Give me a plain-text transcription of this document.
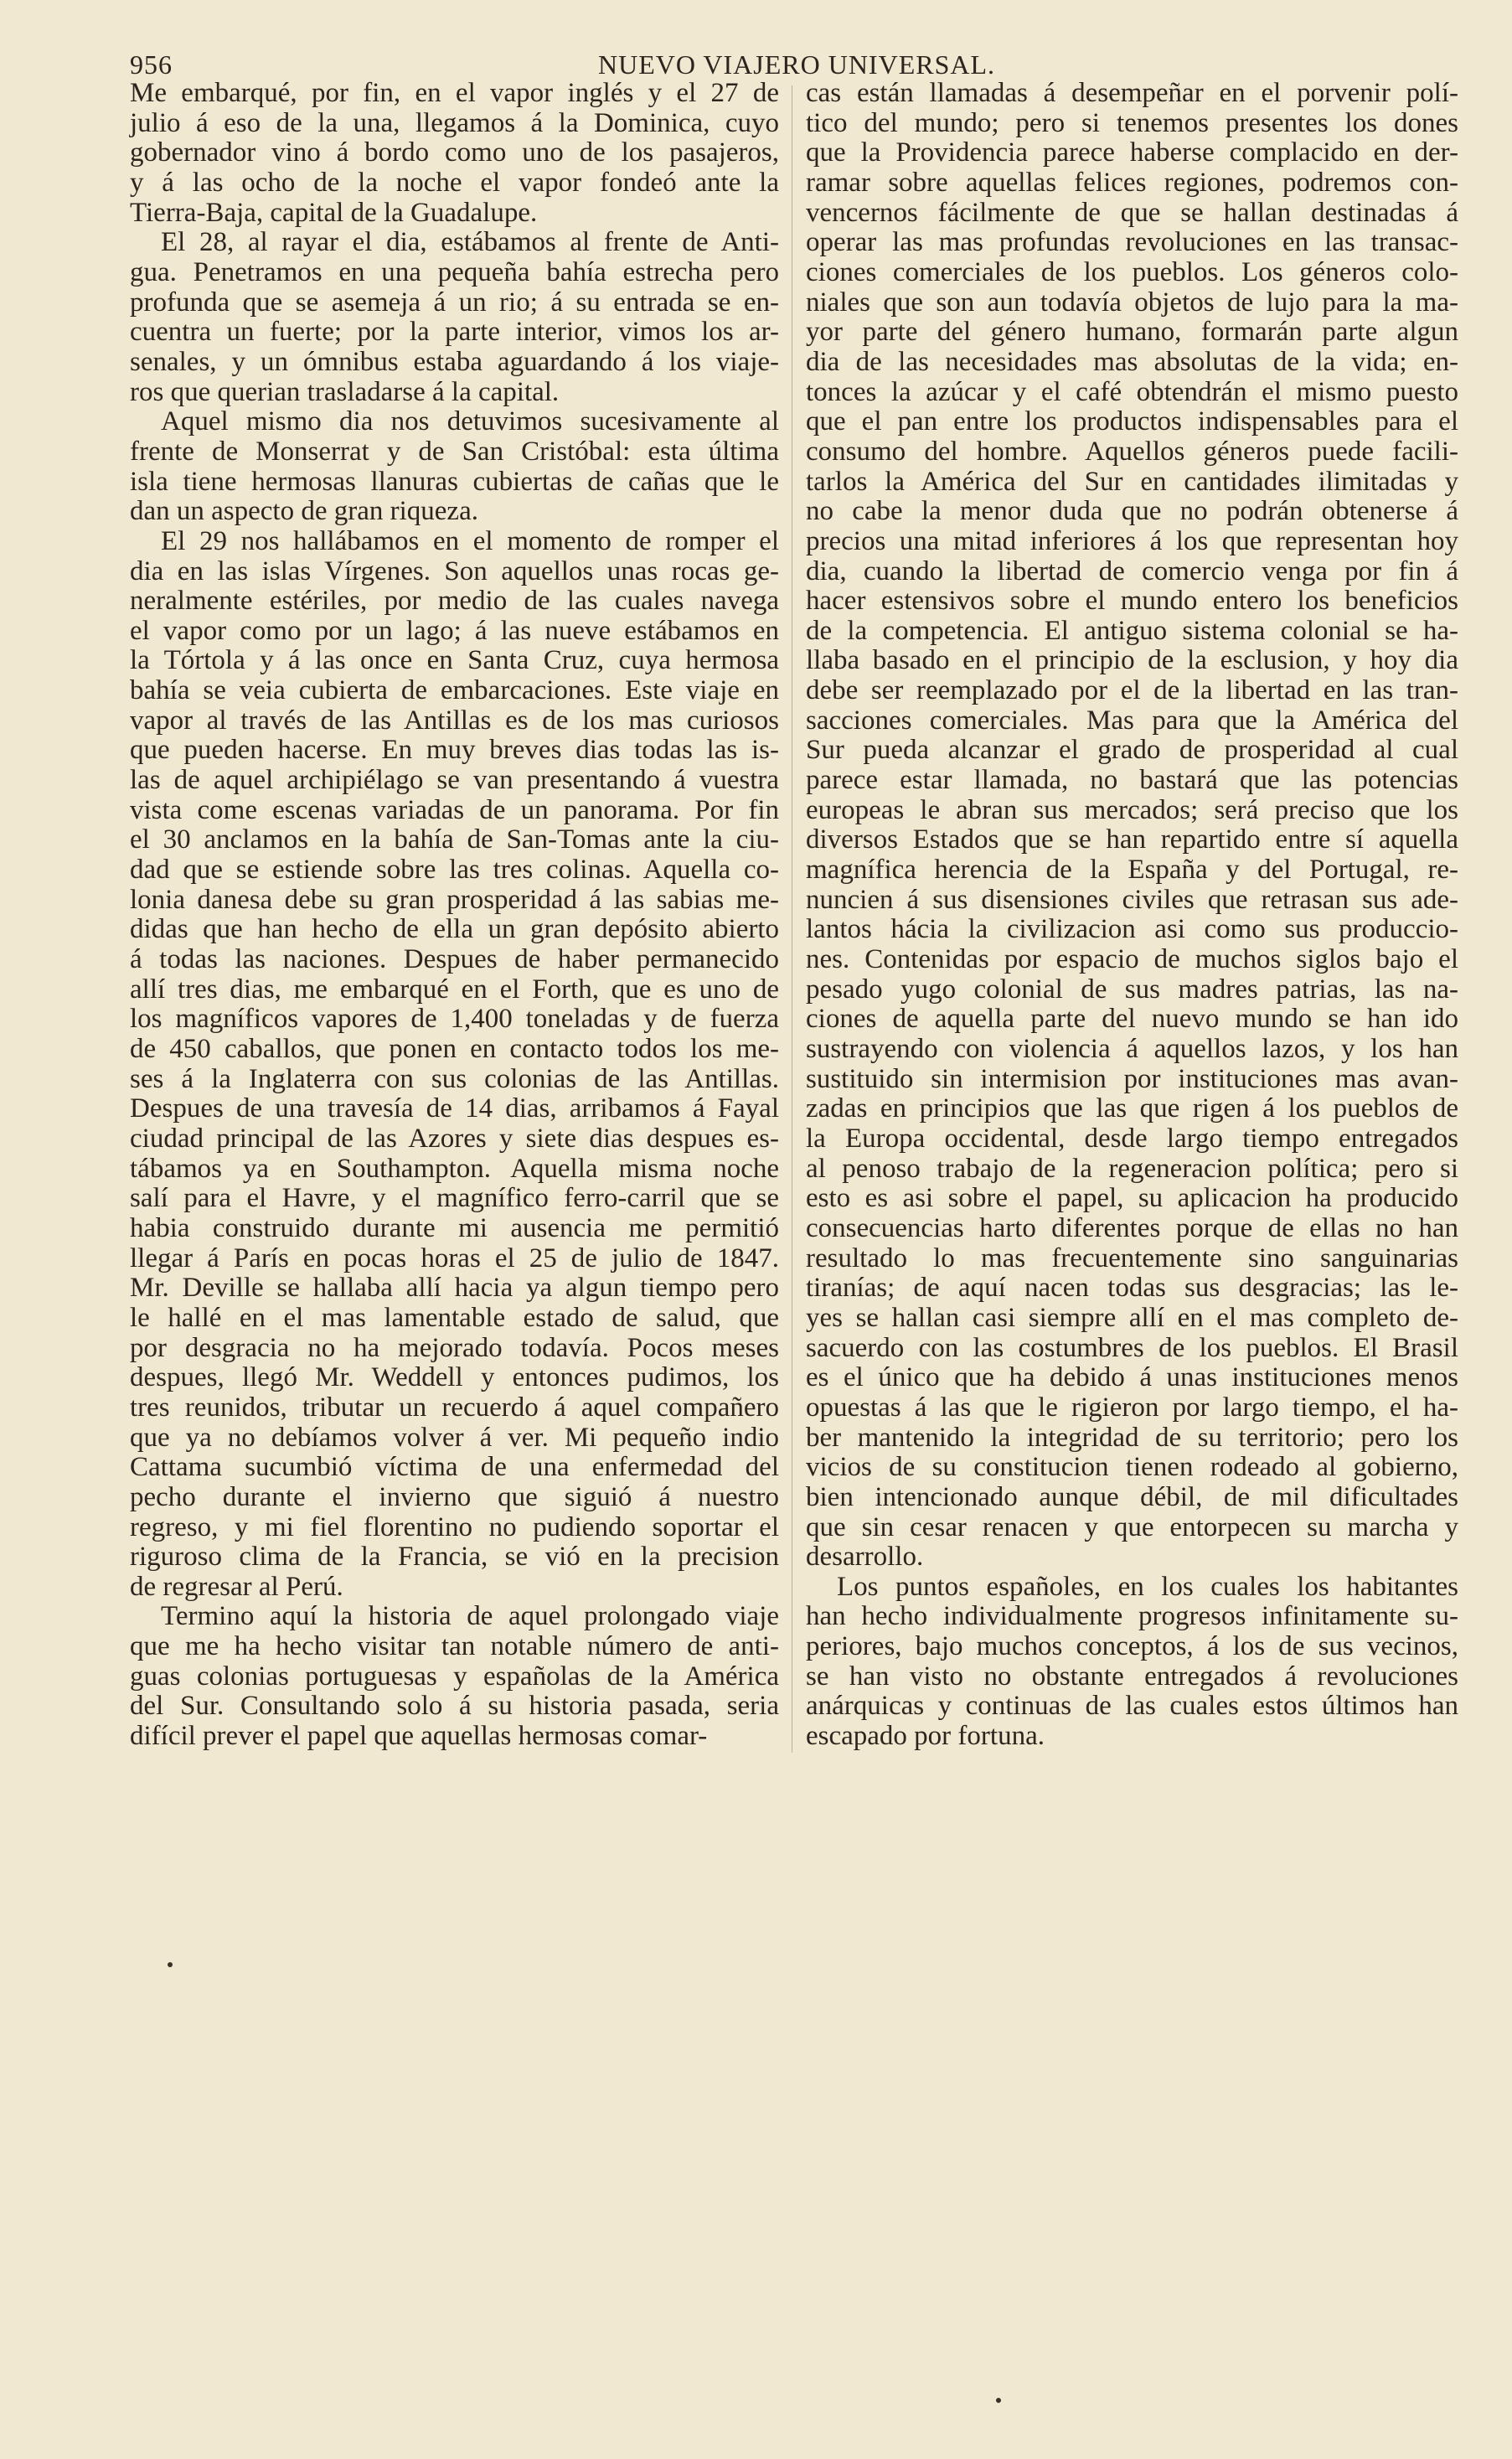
956	NUEVO VIAJERO UNIVERSAL.
Me embarqué, por fin, en el vapor inglés y el 27 de
julio á eso de la una, llegamos á la Dominica, cuyo
gobernador vino á bordo como uno de los pasajeros,
y á las ocho de la noche el vapor fondeó ante la
Tierra-Baja, capital de la Guadalupe.
El 28, al rayar el dia, estábamos al frente de Anti-
gua. Penetramos en una pequeña bahía estrecha pero
profunda que se asemeja á un rio; á su entrada se en-
cuentra un fuerte; por la parte interior, vimos los ar-
senales, y un ómnibus estaba aguardando á los viaje-
ros que querian trasladarse á la capital.
Aquel mismo dia nos detuvimos sucesivamente al
frente de Monserrat y de San Cristóbal: esta última
isla tiene hermosas llanuras cubiertas de cañas que le
dan un aspecto de gran riqueza.
El 29 nos hallábamos en el momento de romper el
dia en las islas Vírgenes. Son aquellos unas rocas ge-
neralmente estériles, por medio de las cuales navega
el vapor como por un lago; á las nueve estábamos en
la Tórtola y á las once en Santa Cruz, cuya hermosa
bahía se veia cubierta de embarcaciones. Este viaje en
vapor al través de las Antillas es de los mas curiosos
que pueden hacerse. En muy breves dias todas las is-
las de aquel archipiélago se van presentando á vuestra
vista come escenas variadas de un panorama. Por fin
el 30 anclamos en la bahía de San-Tomas ante la ciu-
dad que se estiende sobre las tres colinas. Aquella co-
lonia danesa debe su gran prosperidad á las sabias me-
didas que han hecho de ella un gran depósito abierto
á todas las naciones. Despues de haber permanecido
allí tres dias, me embarqué en el Forth, que es uno de
los magníficos vapores de 1,400 toneladas y de fuerza
de 450 caballos, que ponen en contacto todos los me-
ses á la Inglaterra con sus colonias de las Antillas.
Despues de una travesía de 14 dias, arribamos á Fayal
ciudad principal de las Azores y siete dias despues es-
tábamos ya en Southampton. Aquella misma noche
salí para el Havre, y el magnífico ferro-carril que se
habia construido durante mi ausencia me permitió
llegar á París en pocas horas el 25 de julio de 1847.
Mr. Deville se hallaba allí hacia ya algun tiempo pero
le hallé en el mas lamentable estado de salud, que
por desgracia no ha mejorado todavía. Pocos meses
despues, llegó Mr. Weddell y entonces pudimos, los
tres reunidos, tributar un recuerdo á aquel compañero
que ya no debíamos volver á ver. Mi pequeño indio
Cattama sucumbió víctima de una enfermedad del
pecho durante el invierno que siguió á nuestro
regreso, y mi fiel florentino no pudiendo soportar el
riguroso clima de la Francia, se vió en la precision
de regresar al Perú.
Termino aquí la historia de aquel prolongado viaje
que me ha hecho visitar tan notable número de anti-
guas colonias portuguesas y españolas de la América
del Sur. Consultando solo á su historia pasada, seria
difícil prever el papel que aquellas hermosas comar-
cas están llamadas á desempeñar en el porvenir polí-
tico del mundo; pero si tenemos presentes los dones
que la Providencia parece haberse complacido en der-
ramar sobre aquellas felices regiones, podremos con-
vencernos fácilmente de que se hallan destinadas á
operar las mas profundas revoluciones en las transac-
ciones comerciales de los pueblos. Los géneros colo-
niales que son aun todavía objetos de lujo para la ma-
yor parte del género humano, formarán parte algun
dia de las necesidades mas absolutas de la vida; en-
tonces la azúcar y el café obtendrán el mismo puesto
que el pan entre los productos indispensables para el
consumo del hombre. Aquellos géneros puede facili-
tarlos la América del Sur en cantidades ilimitadas y
no cabe la menor duda que no podrán obtenerse á
precios una mitad inferiores á los que representan hoy
dia, cuando la libertad de comercio venga por fin á
hacer estensivos sobre el mundo entero los beneficios
de la competencia. El antiguo sistema colonial se ha-
llaba basado en el principio de la esclusion, y hoy dia
debe ser reemplazado por el de la libertad en las tran-
sacciones comerciales. Mas para que la América del
Sur pueda alcanzar el grado de prosperidad al cual
parece estar llamada, no bastará que las potencias
europeas le abran sus mercados; será preciso que los
diversos Estados que se han repartido entre sí aquella
magnífica herencia de la España y del Portugal, re-
nuncien á sus disensiones civiles que retrasan sus ade-
lantos hácia la civilizacion asi como sus produccio-
nes. Contenidas por espacio de muchos siglos bajo el
pesado yugo colonial de sus madres patrias, las na-
ciones de aquella parte del nuevo mundo se han ido
sustrayendo con violencia á aquellos lazos, y los han
sustituido sin intermision por instituciones mas avan-
zadas en principios que las que rigen á los pueblos de
la Europa occidental, desde largo tiempo entregados
al penoso trabajo de la regeneracion política; pero si
esto es asi sobre el papel, su aplicacion ha producido
consecuencias harto diferentes porque de ellas no han
resultado lo mas frecuentemente sino sanguinarias
tiranías; de aquí nacen todas sus desgracias; las le-
yes se hallan casi siempre allí en el mas completo de-
sacuerdo con las costumbres de los pueblos. El Brasil
es el único que ha debido á unas instituciones menos
opuestas á las que le rigieron por largo tiempo, el ha-
ber mantenido la integridad de su territorio; pero los
vicios de su constitucion tienen rodeado al gobierno,
bien intencionado aunque débil, de mil dificultades
que sin cesar renacen y que entorpecen su marcha y
desarrollo.
Los puntos españoles, en los cuales los habitantes
han hecho individualmente progresos infinitamente su-
periores, bajo muchos conceptos, á los de sus vecinos,
se han visto no obstante entregados á revoluciones
anárquicas y continuas de las cuales estos últimos han
escapado por fortuna.
